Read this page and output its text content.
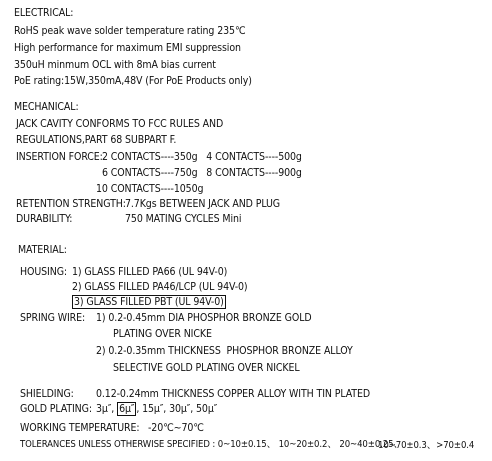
ELECTRICAL:
RoHS peak wave solder temperature rating 235℃
High performance for maximum EMI suppression
350uH minmum OCL with 8mA bias current
PoE rating:15W,350mA,48V (For PoE Products only)
MECHANICAL:
JACK CAVITY CONFORMS TO FCC RULES AND
REGULATIONS,PART 68 SUBPART F.
INSERTION FORCE: 2 CONTACTS----350g   4 CONTACTS----500g
6 CONTACTS----750g   8 CONTACTS----900g
10 CONTACTS----1050g
RETENTION STRENGTH: 7.7Kgs BETWEEN JACK AND PLUG
DURABILITY:	750 MATING CYCLES Mini
MATERIAL:
HOUSING: 1) GLASS FILLED PA66 (UL 94V-0)
2) GLASS FILLED PA46/LCP (UL 94V-0)
3) GLASS FILLED PBT (UL 94V-0)
SPRING WIRE: 1) 0.2-0.45mm DIA PHOSPHOR BRONZE GOLD
PLATING OVER NICKE
2) 0.2-0.35mm THICKNESS  PHOSPHOR BRONZE ALLOY
SELECTIVE GOLD PLATING OVER NICKEL
SHIELDING: 0.12-0.24mm THICKNESS COPPER ALLOY WITH TIN PLATED
GOLD PLATING: 3μ″, 6μ″ , 15μ″, 30μ″, 50μ″
WORKING TEMPERATURE: -20℃~70℃
TOLERANCES UNLESS OTHERWISE SPECIFIED : 0~10±0.15、 10~20±0.2、 20~40±0.25、
10~70±0.3、>70±0.4
